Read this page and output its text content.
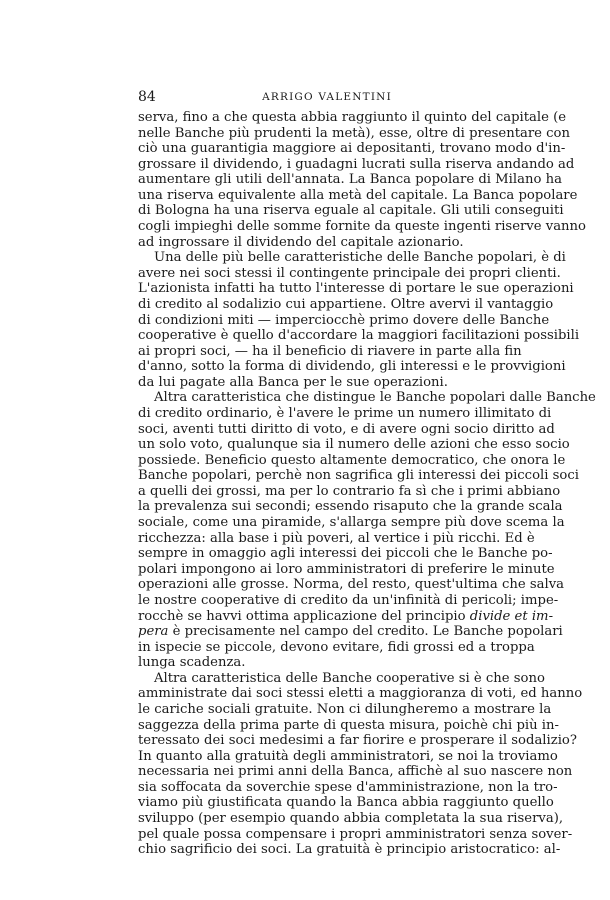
84	ARRIGO VALENTINI
serva, fino a che questa abbia raggiunto il quinto del capitale (e
nelle Banche più prudenti la metà), esse, oltre di presentare con
ciò una guarantigia maggiore ai depositanti, trovano modo d'in-
grossare il dividendo, i guadagni lucrati sulla riserva andando ad
aumentare gli utili dell'annata. La Banca popolare di Milano ha
una riserva equivalente alla metà del capitale. La Banca popolare
di Bologna ha una riserva eguale al capitale. Gli utili conseguiti
cogli impieghi delle somme fornite da queste ingenti riserve vanno
ad ingrossare il dividendo del capitale azionario.
Una delle più belle caratteristiche delle Banche popolari, è di
avere nei soci stessi il contingente principale dei propri clienti.
L'azionista infatti ha tutto l'interesse di portare le sue operazioni
di credito al sodalizio cui appartiene. Oltre avervi il vantaggio
di condizioni miti — imperciocchè primo dovere delle Banche
cooperative è quello d'accordare la maggiori facilitazioni possibili
ai propri soci, — ha il beneficio di riavere in parte alla fin
d'anno, sotto la forma di dividendo, gli interessi e le provvigioni
da lui pagate alla Banca per le sue operazioni.
Altra caratteristica che distingue le Banche popolari dalle Banche
di credito ordinario, è l'avere le prime un numero illimitato di
soci, aventi tutti diritto di voto, e di avere ogni socio diritto ad
un solo voto, qualunque sia il numero delle azioni che esso socio
possiede. Beneficio questo altamente democratico, che onora le
Banche popolari, perchè non sagrifica gli interessi dei piccoli soci
a quelli dei grossi, ma per lo contrario fa sì che i primi abbiano
la prevalenza sui secondi; essendo risaputo che la grande scala
sociale, come una piramide, s'allarga sempre più dove scema la
ricchezza: alla base i più poveri, al vertice i più ricchi. Ed è
sempre in omaggio agli interessi dei piccoli che le Banche po-
polari impongono ai loro amministratori di preferire le minute
operazioni alle grosse. Norma, del resto, quest'ultima che salva
le nostre cooperative di credito da un'infinità di pericoli; impe-
rocchè se havvi ottima applicazione del principio divide et im-
pera è precisamente nel campo del credito. Le Banche popolari
in ispecie se piccole, devono evitare, fidi grossi ed a troppa
lunga scadenza.
Altra caratteristica delle Banche cooperative si è che sono
amministrate dai soci stessi eletti a maggioranza di voti, ed hanno
le cariche sociali gratuite. Non ci dilungheremo a mostrare la
saggezza della prima parte di questa misura, poichè chi più in-
teressato dei soci medesimi a far fiorire e prosperare il sodalizio?
In quanto alla gratuità degli amministratori, se noi la troviamo
necessaria nei primi anni della Banca, affichè al suo nascere non
sia soffocata da soverchie spese d'amministrazione, non la tro-
viamo più giustificata quando la Banca abbia raggiunto quello
sviluppo (per esempio quando abbia completata la sua riserva),
pel quale possa compensare i propri amministratori senza sover-
chio sagrificio dei soci. La gratuità è principio aristocratico: al-
